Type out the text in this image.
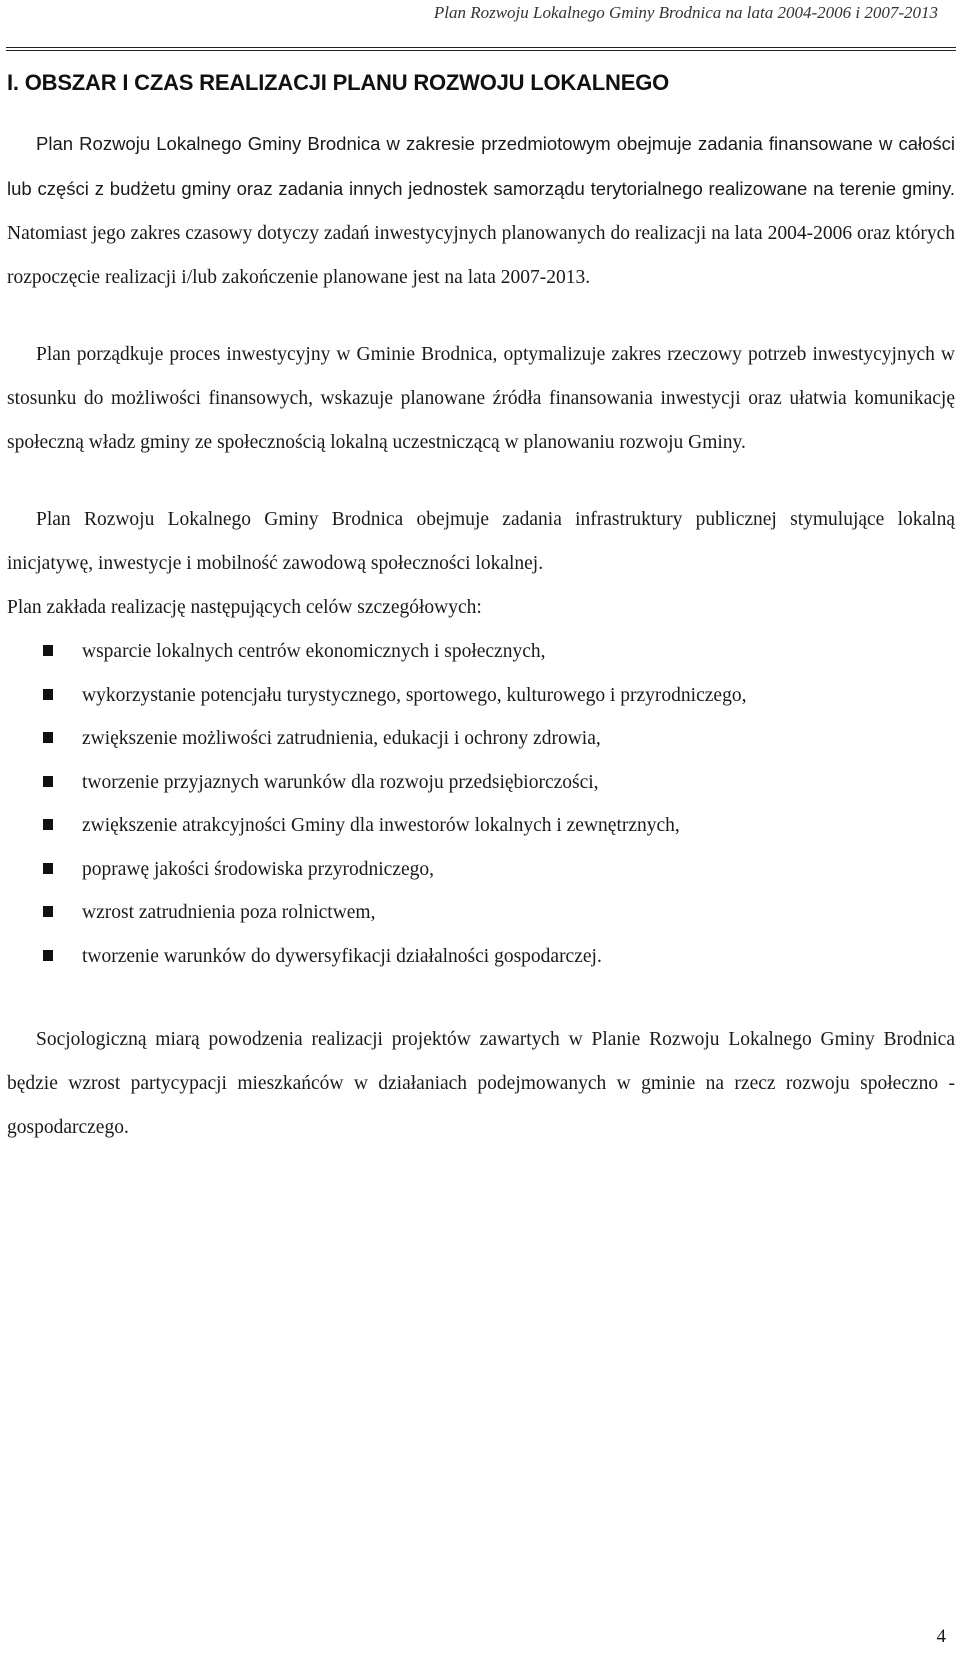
Plan Rozwoju Lokalnego Gminy Brodnica na lata 2004-2006 i 2007-2013
I. OBSZAR I CZAS REALIZACJI PLANU ROZWOJU LOKALNEGO

Plan Rozwoju Lokalnego Gminy Brodnica w zakresie przedmiotowym obejmuje zadania finansowane w całości lub części z budżetu gminy oraz zadania innych jednostek samorządu terytorialnego realizowane na terenie gminy. Natomiast jego zakres czasowy dotyczy zadań inwestycyjnych planowanych do realizacji na lata 2004-2006 oraz których rozpoczęcie realizacji i/lub zakończenie planowane jest na lata 2007-2013.

Plan porządkuje proces inwestycyjny w Gminie Brodnica, optymalizuje zakres rzeczowy potrzeb inwestycyjnych w stosunku do możliwości finansowych, wskazuje planowane źródła finansowania inwestycji oraz ułatwia komunikację społeczną władz gminy ze społecznością lokalną uczestniczącą w planowaniu rozwoju Gminy.

Plan Rozwoju Lokalnego Gminy Brodnica obejmuje zadania infrastruktury publicznej stymulujące lokalną inicjatywę, inwestycje i mobilność zawodową społeczności lokalnej.

Plan zakłada realizację następujących celów szczegółowych:

wsparcie lokalnych centrów ekonomicznych i społecznych,
wykorzystanie potencjału turystycznego, sportowego, kulturowego i przyrodniczego,
zwiększenie możliwości zatrudnienia, edukacji i ochrony zdrowia,
tworzenie przyjaznych warunków dla rozwoju przedsiębiorczości,
zwiększenie atrakcyjności Gminy dla inwestorów lokalnych i zewnętrznych,
poprawę jakości środowiska przyrodniczego,
wzrost zatrudnienia poza rolnictwem,
tworzenie warunków do dywersyfikacji działalności gospodarczej.

Socjologiczną miarą powodzenia realizacji projektów zawartych w Planie Rozwoju Lokalnego Gminy Brodnica będzie wzrost partycypacji mieszkańców w działaniach podejmowanych w gminie na rzecz rozwoju społeczno - gospodarczego.

4
